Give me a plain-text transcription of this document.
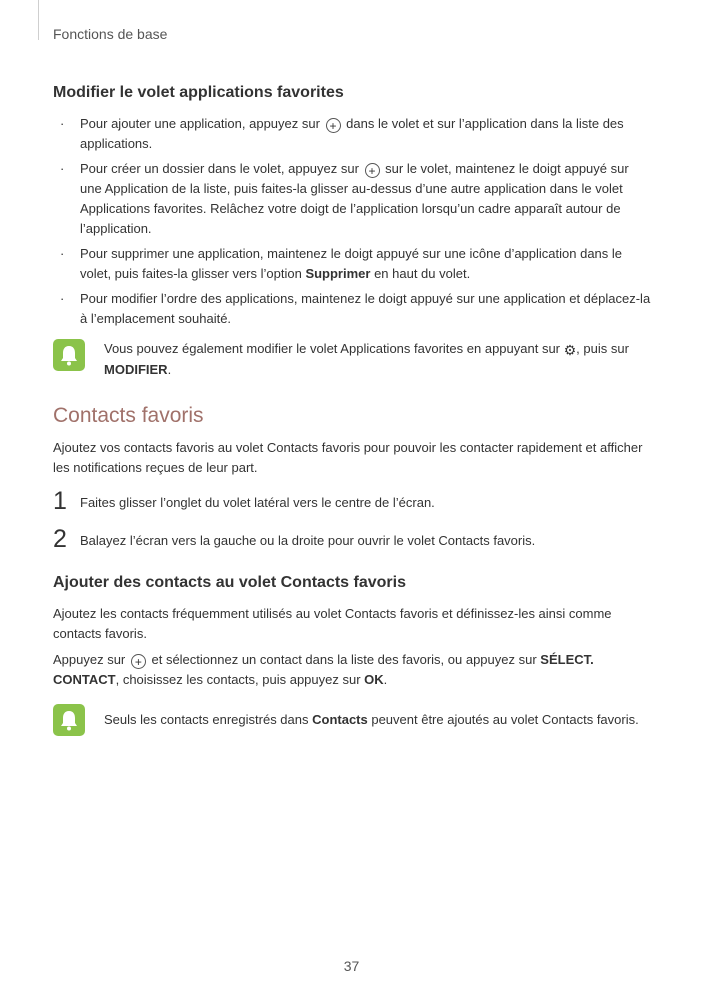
Fonctions de base
Modifier le volet applications favorites
· Pour ajouter une application, appuyez sur + dans le volet et sur l’application dans la liste des applications.
· Pour créer un dossier dans le volet, appuyez sur + sur le volet, maintenez le doigt appuyé sur une Application de la liste, puis faites-la glisser au-dessus d’une autre application dans le volet Applications favorites. Relâchez votre doigt de l’application lorsqu’un cadre apparaît autour de l’application.
· Pour supprimer une application, maintenez le doigt appuyé sur une icône d’application dans le volet, puis faites-la glisser vers l’option Supprimer en haut du volet.
· Pour modifier l’ordre des applications, maintenez le doigt appuyé sur une application et déplacez-la à l’emplacement souhaité.
Vous pouvez également modifier le volet Applications favorites en appuyant sur ⚙, puis sur MODIFIER.
Contacts favoris

Ajoutez vos contacts favoris au volet Contacts favoris pour pouvoir les contacter rapidement et afficher les notifications reçues de leur part.

1	Faites glisser l’onglet du volet latéral vers le centre de l’écran.
2	Balayez l’écran vers la gauche ou la droite pour ouvrir le volet Contacts favoris.
Ajouter des contacts au volet Contacts favoris

Ajoutez les contacts fréquemment utilisés au volet Contacts favoris et définissez-les ainsi comme contacts favoris.

Appuyez sur + et sélectionnez un contact dans la liste des favoris, ou appuyez sur SÉLECT. CONTACT, choisissez les contacts, puis appuyez sur OK.

Seuls les contacts enregistrés dans Contacts peuvent être ajoutés au volet Contacts favoris.
37
